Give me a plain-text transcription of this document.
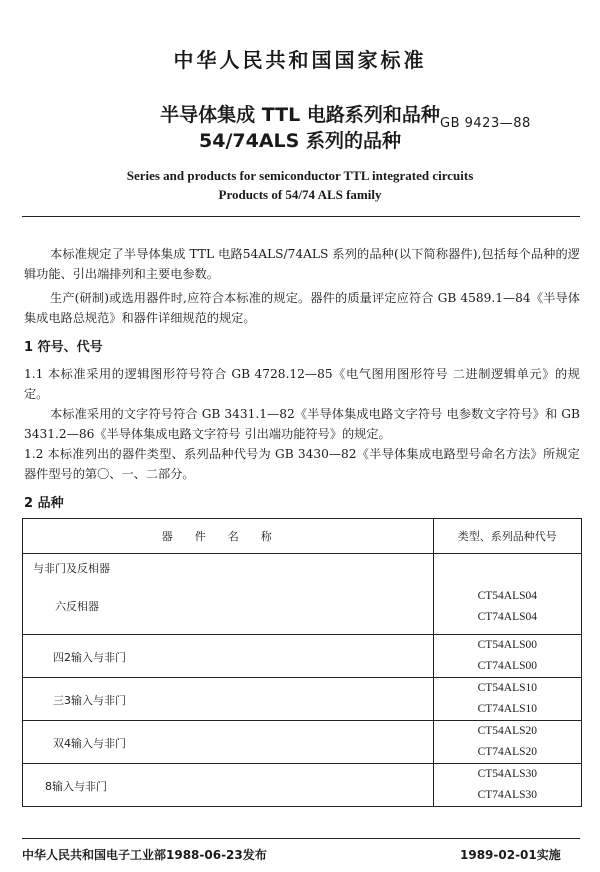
中华人民共和国国家标准
半导体集成 TTL 电路系列和品种
54/74ALS 系列的品种
GB 9423—88
Series and products for semiconductor TTL integrated circuits
Products of 54/74 ALS family
本标准规定了半导体集成 TTL 电路54ALS/74ALS 系列的品种(以下简称器件),包括每个品种的逻辑功能、引出端排列和主要电参数。
生产(研制)或选用器件时,应符合本标准的规定。器件的质量评定应符合 GB 4589.1—84《半导体集成电路总规范》和器件详细规范的规定。
1 符号、代号
1.1 本标准采用的逻辑图形符号符合 GB 4728.12—85《电气图用图形符号 二进制逻辑单元》的规定。
本标准采用的文字符号符合 GB 3431.1—82《半导体集成电路文字符号 电参数文字符号》和 GB 3431.2—86《半导体集成电路文字符号 引出端功能符号》的规定。
1.2 本标准列出的器件类型、系列品种代号为 GB 3430—82《半导体集成电路型号命名方法》所规定器件型号的第〇、一、二部分。
2 品种
器件名称	类型、系列品种代号

与非门及反相器
六反相器	CT54ALS04
CT74ALS04

四2输入与非门	CT54ALS00
CT74ALS00

三3输入与非门	CT54ALS10
CT74ALS10

双4输入与非门	CT54ALS20
CT74ALS20

8输入与非门	CT54ALS30
CT74ALS30
中华人民共和国电子工业部1988-06-23发布	1989-02-01实施
